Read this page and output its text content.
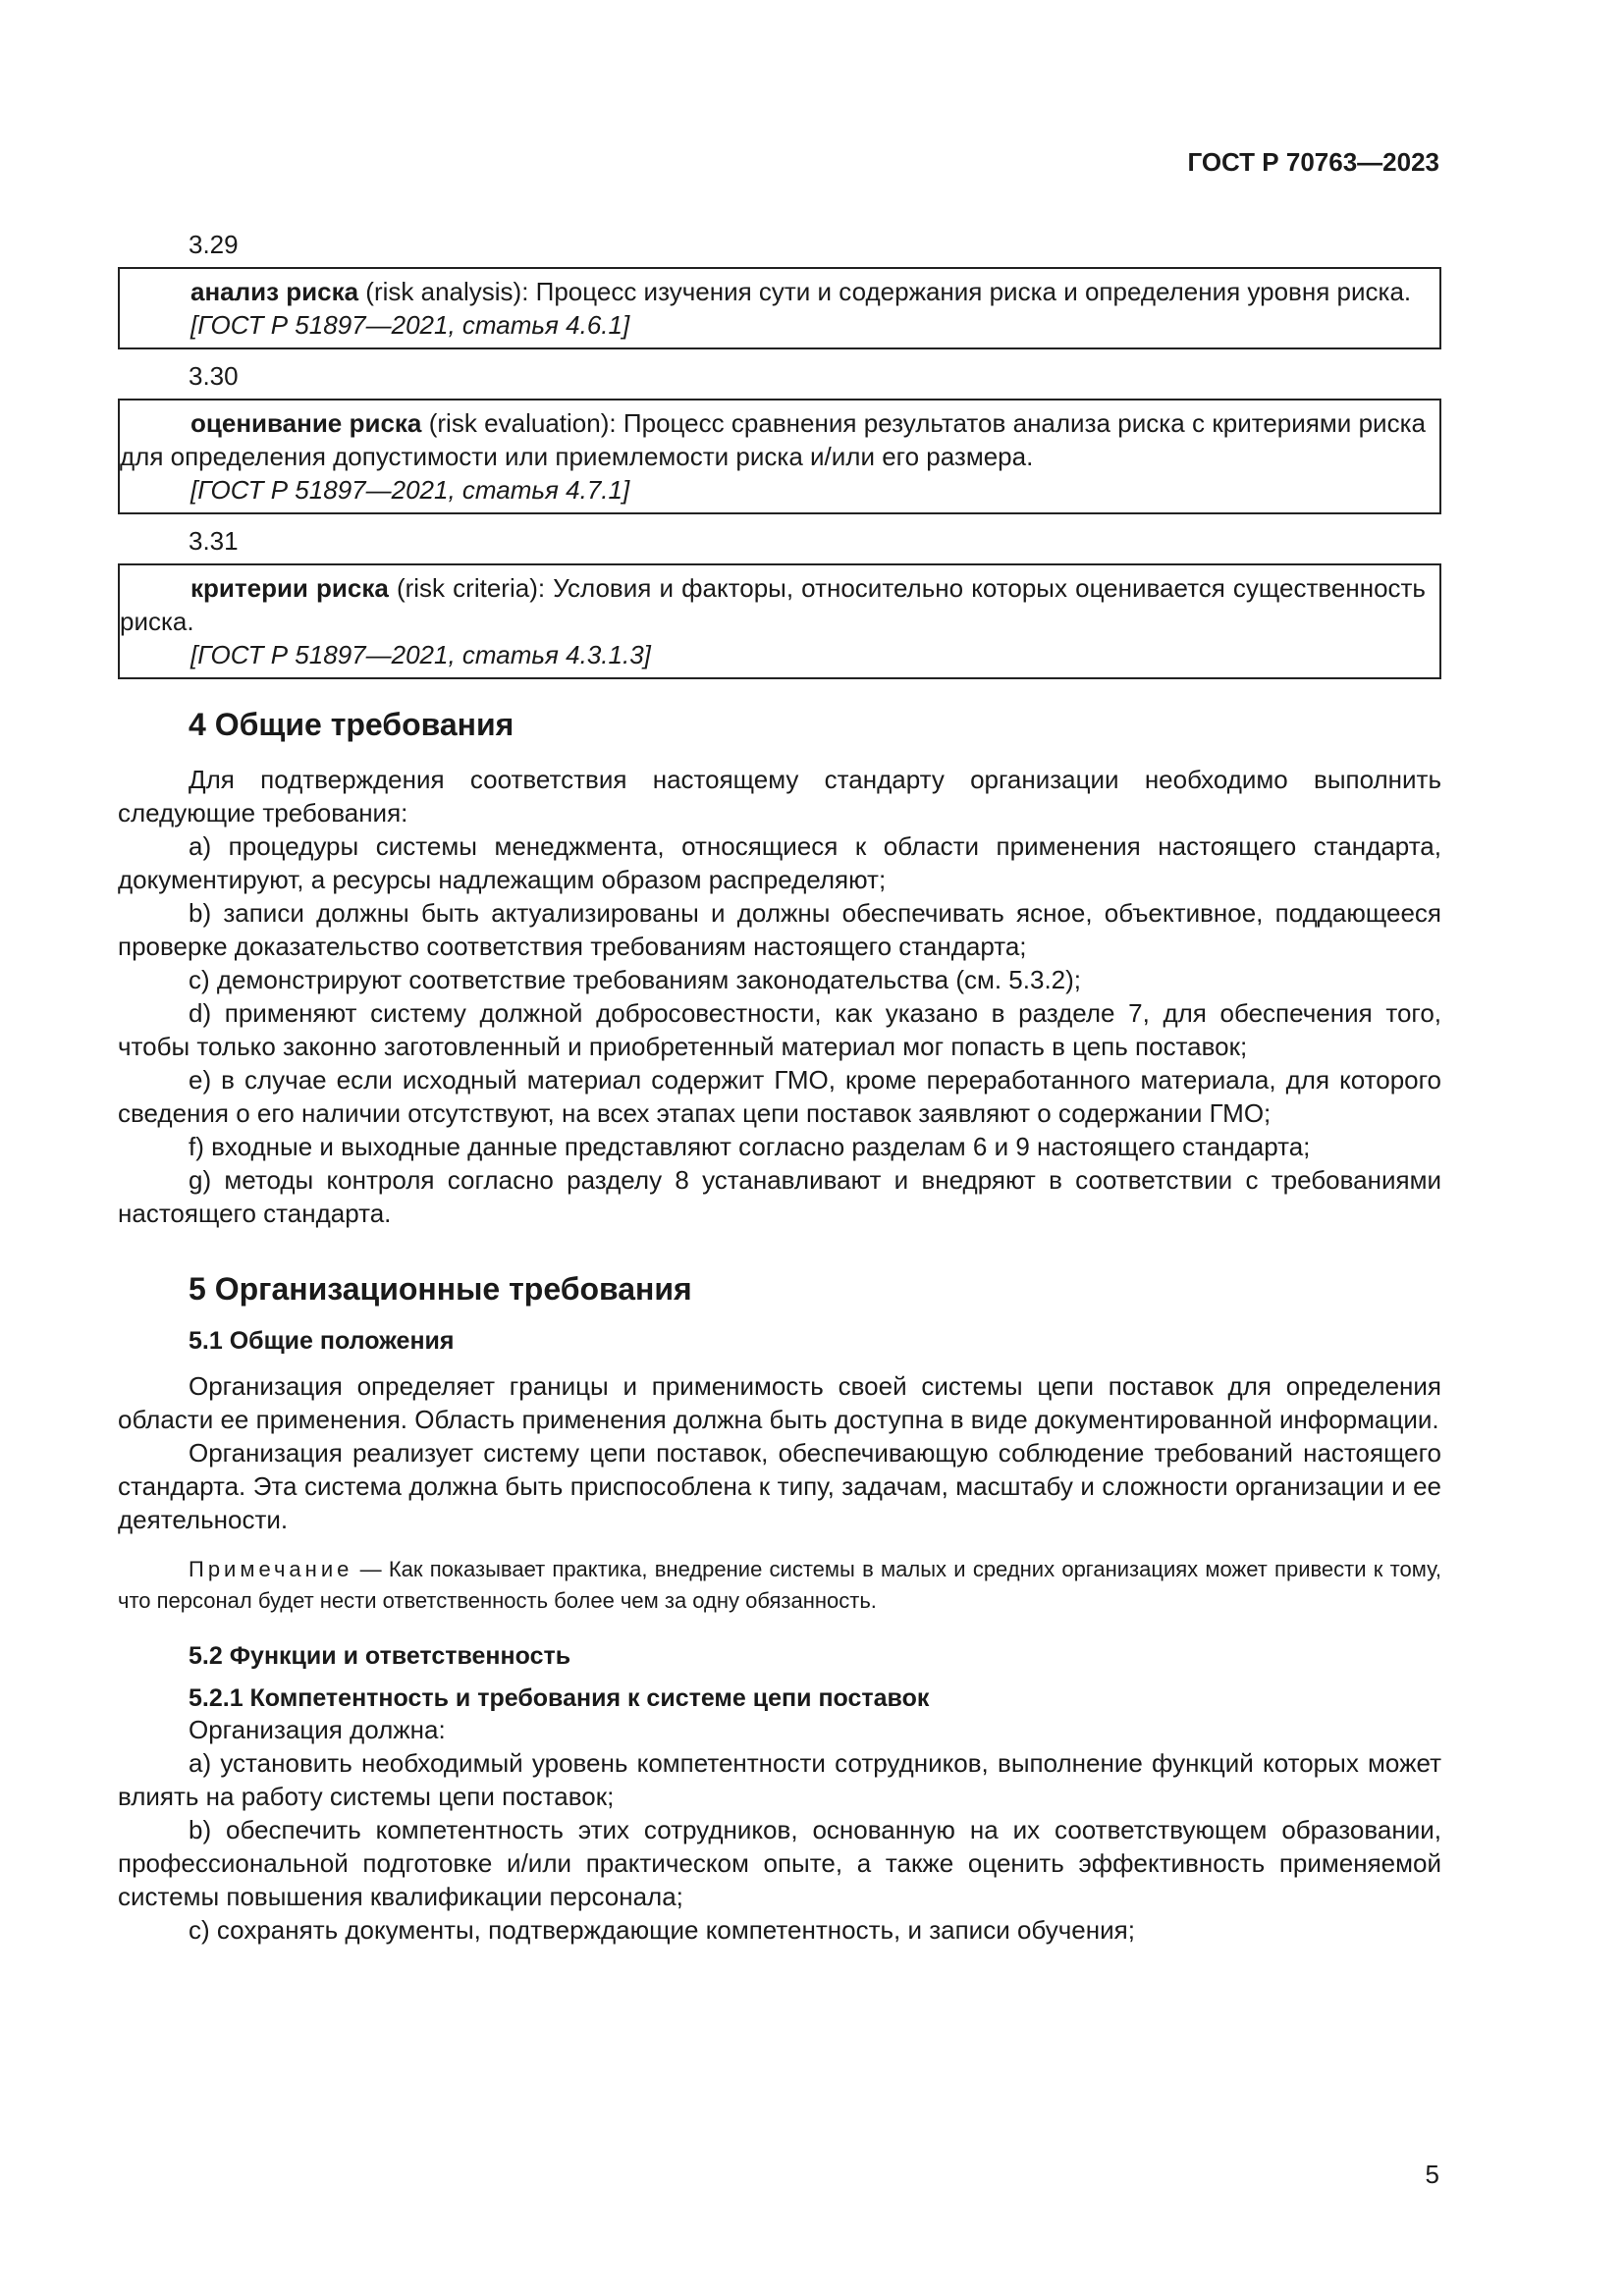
ГОСТ Р 70763—2023
3.29

анализ риска (risk analysis): Процесс изучения сути и содержания риска и определения уровня риска.

[ГОСТ Р 51897—2021, статья 4.6.1]
3.30

оценивание риска (risk evaluation): Процесс сравнения результатов анализа риска с критериями риска для определения допустимости или приемлемости риска и/или его размера.

[ГОСТ Р 51897—2021, статья 4.7.1]
3.31

критерии риска (risk criteria): Условия и факторы, относительно которых оценивается существенность риска.

[ГОСТ Р 51897—2021, статья 4.3.1.3]
4 Общие требования

Для подтверждения соответствия настоящему стандарту организации необходимо выполнить следующие требования:

a) процедуры системы менеджмента, относящиеся к области применения настоящего стандарта, документируют, а ресурсы надлежащим образом распределяют;

b) записи должны быть актуализированы и должны обеспечивать ясное, объективное, поддающееся проверке доказательство соответствия требованиям настоящего стандарта;

c) демонстрируют соответствие требованиям законодательства (см. 5.3.2);

d) применяют систему должной добросовестности, как указано в разделе 7, для обеспечения того, чтобы только законно заготовленный и приобретенный материал мог попасть в цепь поставок;

e) в случае если исходный материал содержит ГМО, кроме переработанного материала, для которого сведения о его наличии отсутствуют, на всех этапах цепи поставок заявляют о содержании ГМО;

f) входные и выходные данные представляют согласно разделам 6 и 9 настоящего стандарта;

g) методы контроля согласно разделу 8 устанавливают и внедряют в соответствии с требованиями настоящего стандарта.

5 Организационные требования
5.1 Общие положения

Организация определяет границы и применимость своей системы цепи поставок для определения области ее применения. Область применения должна быть доступна в виде документированной информации.

Организация реализует систему цепи поставок, обеспечивающую соблюдение требований настоящего стандарта. Эта система должна быть приспособлена к типу, задачам, масштабу и сложности организации и ее деятельности.

Примечание — Как показывает практика, внедрение системы в малых и средних организациях может привести к тому, что персонал будет нести ответственность более чем за одну обязанность.

5.2 Функции и ответственность
5.2.1 Компетентность и требования к системе цепи поставок

Организация должна:

a) установить необходимый уровень компетентности сотрудников, выполнение функций которых может влиять на работу системы цепи поставок;

b) обеспечить компетентность этих сотрудников, основанную на их соответствующем образовании, профессиональной подготовке и/или практическом опыте, а также оценить эффективность применяемой системы повышения квалификации персонала;

c) сохранять документы, подтверждающие компетентность, и записи обучения;

5
